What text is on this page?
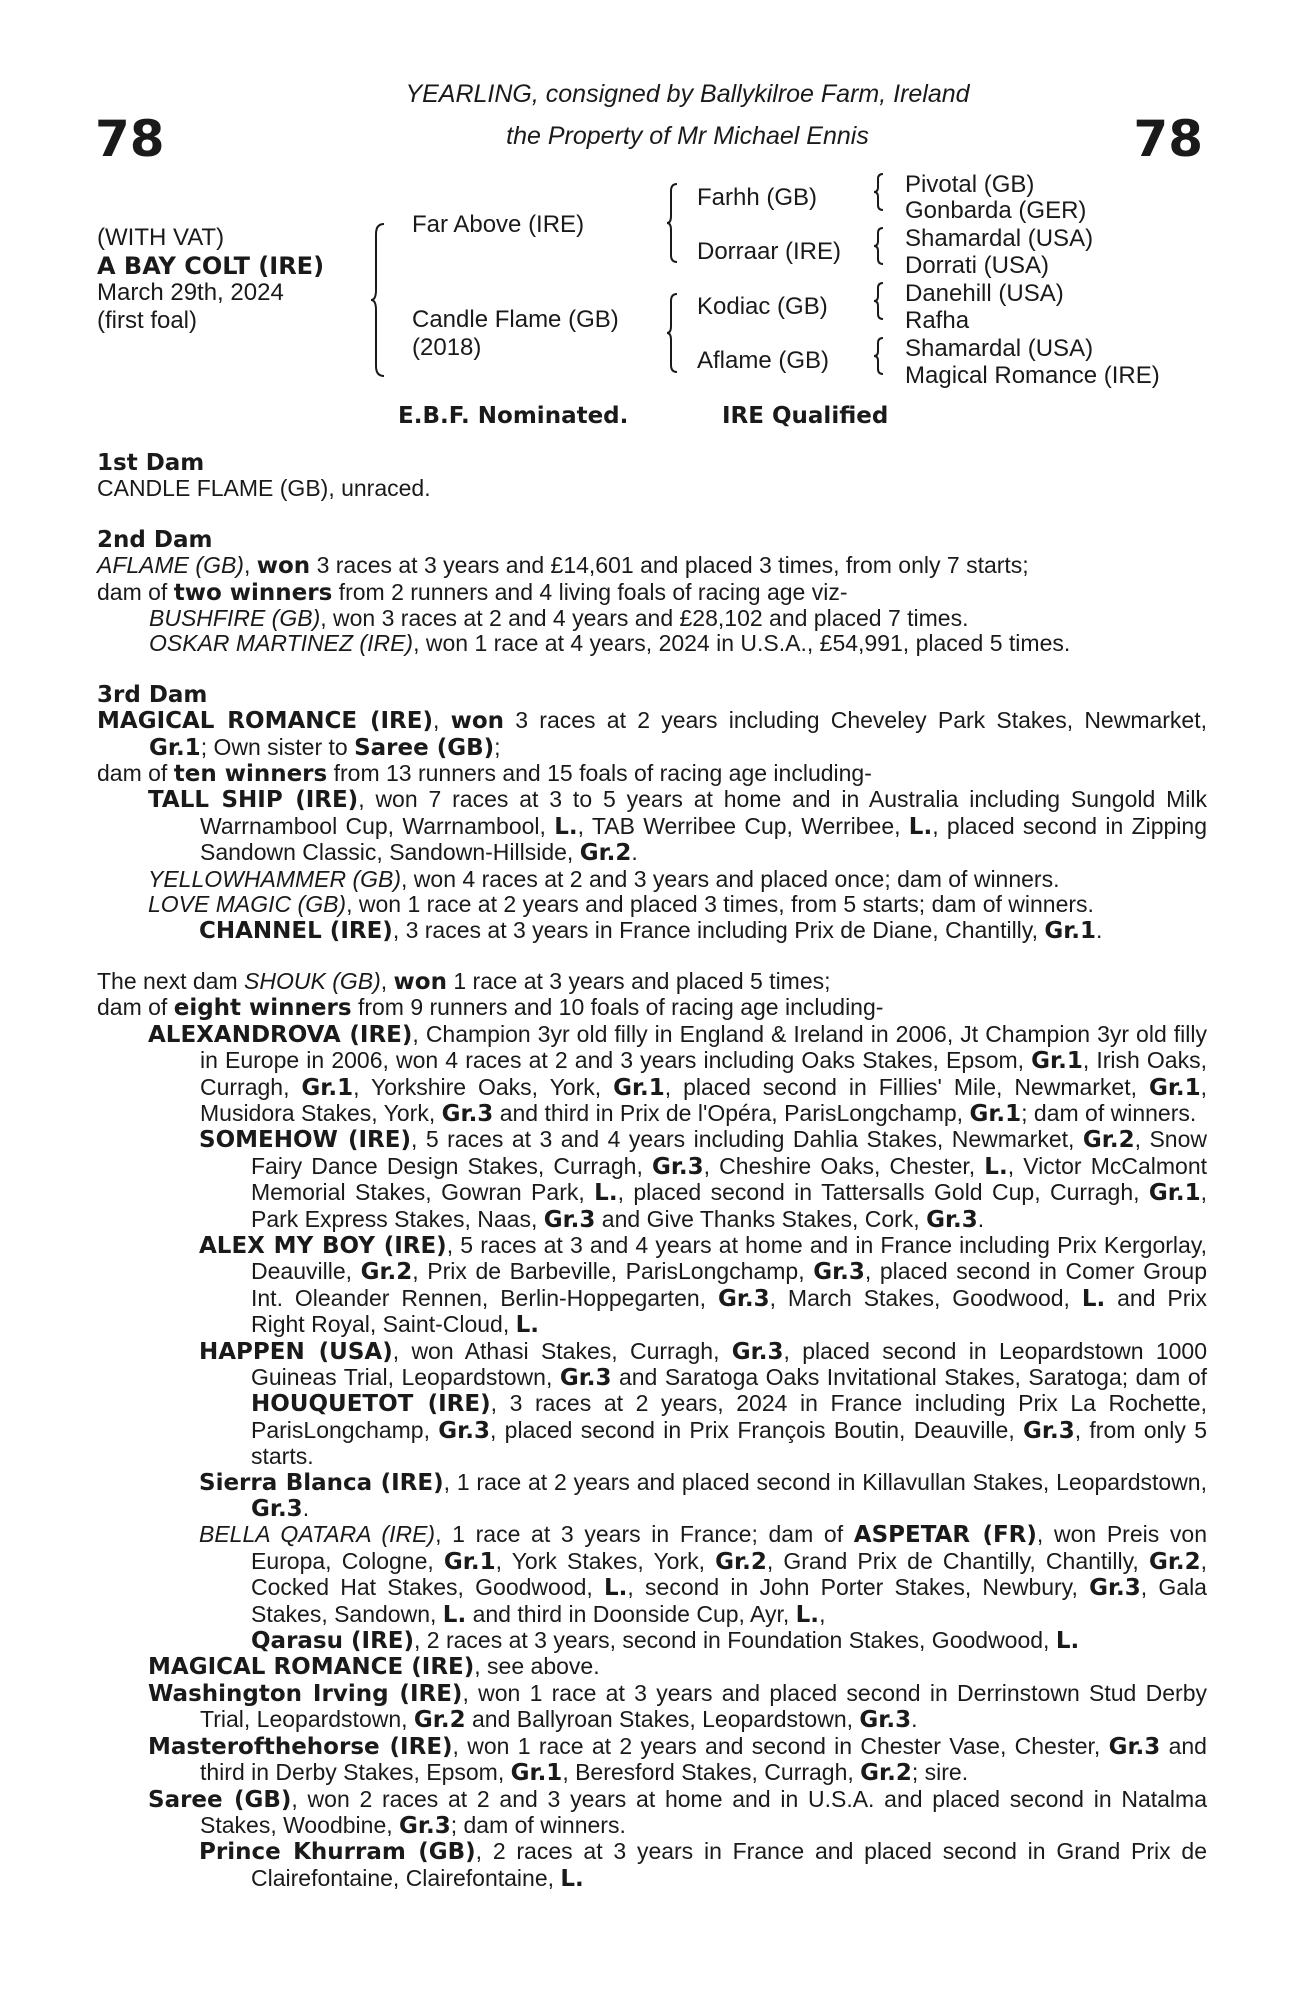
78	78
YEARLING, consigned by Ballykilroe Farm, Ireland
the Property of Mr Michael Ennis
(WITH VAT)
A BAY COLT (IRE)
March 29th, 2024
(first foal)
Far Above (IRE)
Candle Flame (GB)
(2018)
Farhh (GB)
Dorraar (IRE)
Kodiac (GB)
Aflame (GB)
Pivotal (GB)
Gonbarda (GER)
Shamardal (USA)
Dorrati (USA)
Danehill (USA)
Rafha
Shamardal (USA)
Magical Romance (IRE)
E.B.F. Nominated.	IRE Qualified

1st Dam

CANDLE FLAME (GB), unraced.

2nd Dam

AFLAME (GB), won 3 races at 3 years and £14,601 and placed 3 times, from only 7 starts;

dam of two winners from 2 runners and 4 living foals of racing age viz-

BUSHFIRE (GB), won 3 races at 2 and 4 years and £28,102 and placed 7 times.

OSKAR MARTINEZ (IRE), won 1 race at 4 years, 2024 in U.S.A., £54,991, placed 5 times.

3rd Dam

MAGICAL ROMANCE (IRE), won 3 races at 2 years including Cheveley Park Stakes, Newmarket, Gr.1; Own sister to Saree (GB);

dam of ten winners from 13 runners and 15 foals of racing age including-

TALL SHIP (IRE), won 7 races at 3 to 5 years at home and in Australia including Sungold Milk Warrnambool Cup, Warrnambool, L., TAB Werribee Cup, Werribee, L., placed second in Zipping Sandown Classic, Sandown-Hillside, Gr.2.

YELLOWHAMMER (GB), won 4 races at 2 and 3 years and placed once; dam of winners.

LOVE MAGIC (GB), won 1 race at 2 years and placed 3 times, from 5 starts; dam of winners.

CHANNEL (IRE), 3 races at 3 years in France including Prix de Diane, Chantilly, Gr.1.

The next dam SHOUK (GB), won 1 race at 3 years and placed 5 times;

dam of eight winners from 9 runners and 10 foals of racing age including-

ALEXANDROVA (IRE), Champion 3yr old filly in England & Ireland in 2006, Jt Champion 3yr old filly in Europe in 2006, won 4 races at 2 and 3 years including Oaks Stakes, Epsom, Gr.1, Irish Oaks, Curragh, Gr.1, Yorkshire Oaks, York, Gr.1, placed second in Fillies' Mile, Newmarket, Gr.1, Musidora Stakes, York, Gr.3 and third in Prix de l'Opéra, ParisLongchamp, Gr.1; dam of winners.

SOMEHOW (IRE), 5 races at 3 and 4 years including Dahlia Stakes, Newmarket, Gr.2, Snow Fairy Dance Design Stakes, Curragh, Gr.3, Cheshire Oaks, Chester, L., Victor McCalmont Memorial Stakes, Gowran Park, L., placed second in Tattersalls Gold Cup, Curragh, Gr.1, Park Express Stakes, Naas, Gr.3 and Give Thanks Stakes, Cork, Gr.3.

ALEX MY BOY (IRE), 5 races at 3 and 4 years at home and in France including Prix Kergorlay, Deauville, Gr.2, Prix de Barbeville, ParisLongchamp, Gr.3, placed second in Comer Group Int. Oleander Rennen, Berlin-Hoppegarten, Gr.3, March Stakes, Goodwood, L. and Prix Right Royal, Saint-Cloud, L.

HAPPEN (USA), won Athasi Stakes, Curragh, Gr.3, placed second in Leopardstown 1000 Guineas Trial, Leopardstown, Gr.3 and Saratoga Oaks Invitational Stakes, Saratoga; dam of HOUQUETOT (IRE), 3 races at 2 years, 2024 in France including Prix La Rochette, ParisLongchamp, Gr.3, placed second in Prix François Boutin, Deauville, Gr.3, from only 5 starts.

Sierra Blanca (IRE), 1 race at 2 years and placed second in Killavullan Stakes, Leopardstown, Gr.3.

BELLA QATARA (IRE), 1 race at 3 years in France; dam of ASPETAR (FR), won Preis von Europa, Cologne, Gr.1, York Stakes, York, Gr.2, Grand Prix de Chantilly, Chantilly, Gr.2, Cocked Hat Stakes, Goodwood, L., second in John Porter Stakes, Newbury, Gr.3, Gala Stakes, Sandown, L. and third in Doonside Cup, Ayr, L.,

Qarasu (IRE), 2 races at 3 years, second in Foundation Stakes, Goodwood, L.

MAGICAL ROMANCE (IRE), see above.

Washington Irving (IRE), won 1 race at 3 years and placed second in Derrinstown Stud Derby Trial, Leopardstown, Gr.2 and Ballyroan Stakes, Leopardstown, Gr.3.

Masterofthehorse (IRE), won 1 race at 2 years and second in Chester Vase, Chester, Gr.3 and third in Derby Stakes, Epsom, Gr.1, Beresford Stakes, Curragh, Gr.2; sire.

Saree (GB), won 2 races at 2 and 3 years at home and in U.S.A. and placed second in Natalma Stakes, Woodbine, Gr.3; dam of winners.

Prince Khurram (GB), 2 races at 3 years in France and placed second in Grand Prix de Clairefontaine, Clairefontaine, L.
